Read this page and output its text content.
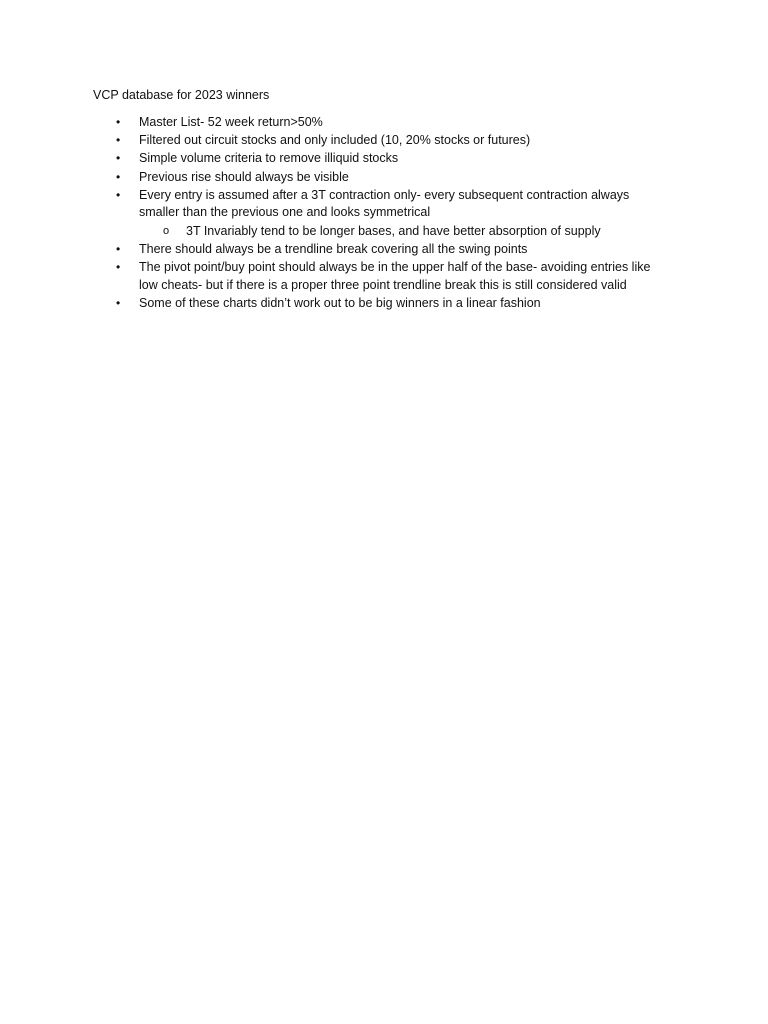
VCP database for 2023 winners
• Master List- 52 week return>50%
• Filtered out circuit stocks and only included (10, 20% stocks or futures)
• Simple volume criteria to remove illiquid stocks
• Previous rise should always be visible
• Every entry is assumed after a 3T contraction only- every subsequent contraction always smaller than the previous one and looks symmetrical
o 3T Invariably tend to be longer bases, and have better absorption of supply
• There should always be a trendline break covering all the swing points
• The pivot point/buy point should always be in the upper half of the base- avoiding entries like low cheats- but if there is a proper three point trendline break this is still considered valid
• Some of these charts didn’t work out to be big winners in a linear fashion
